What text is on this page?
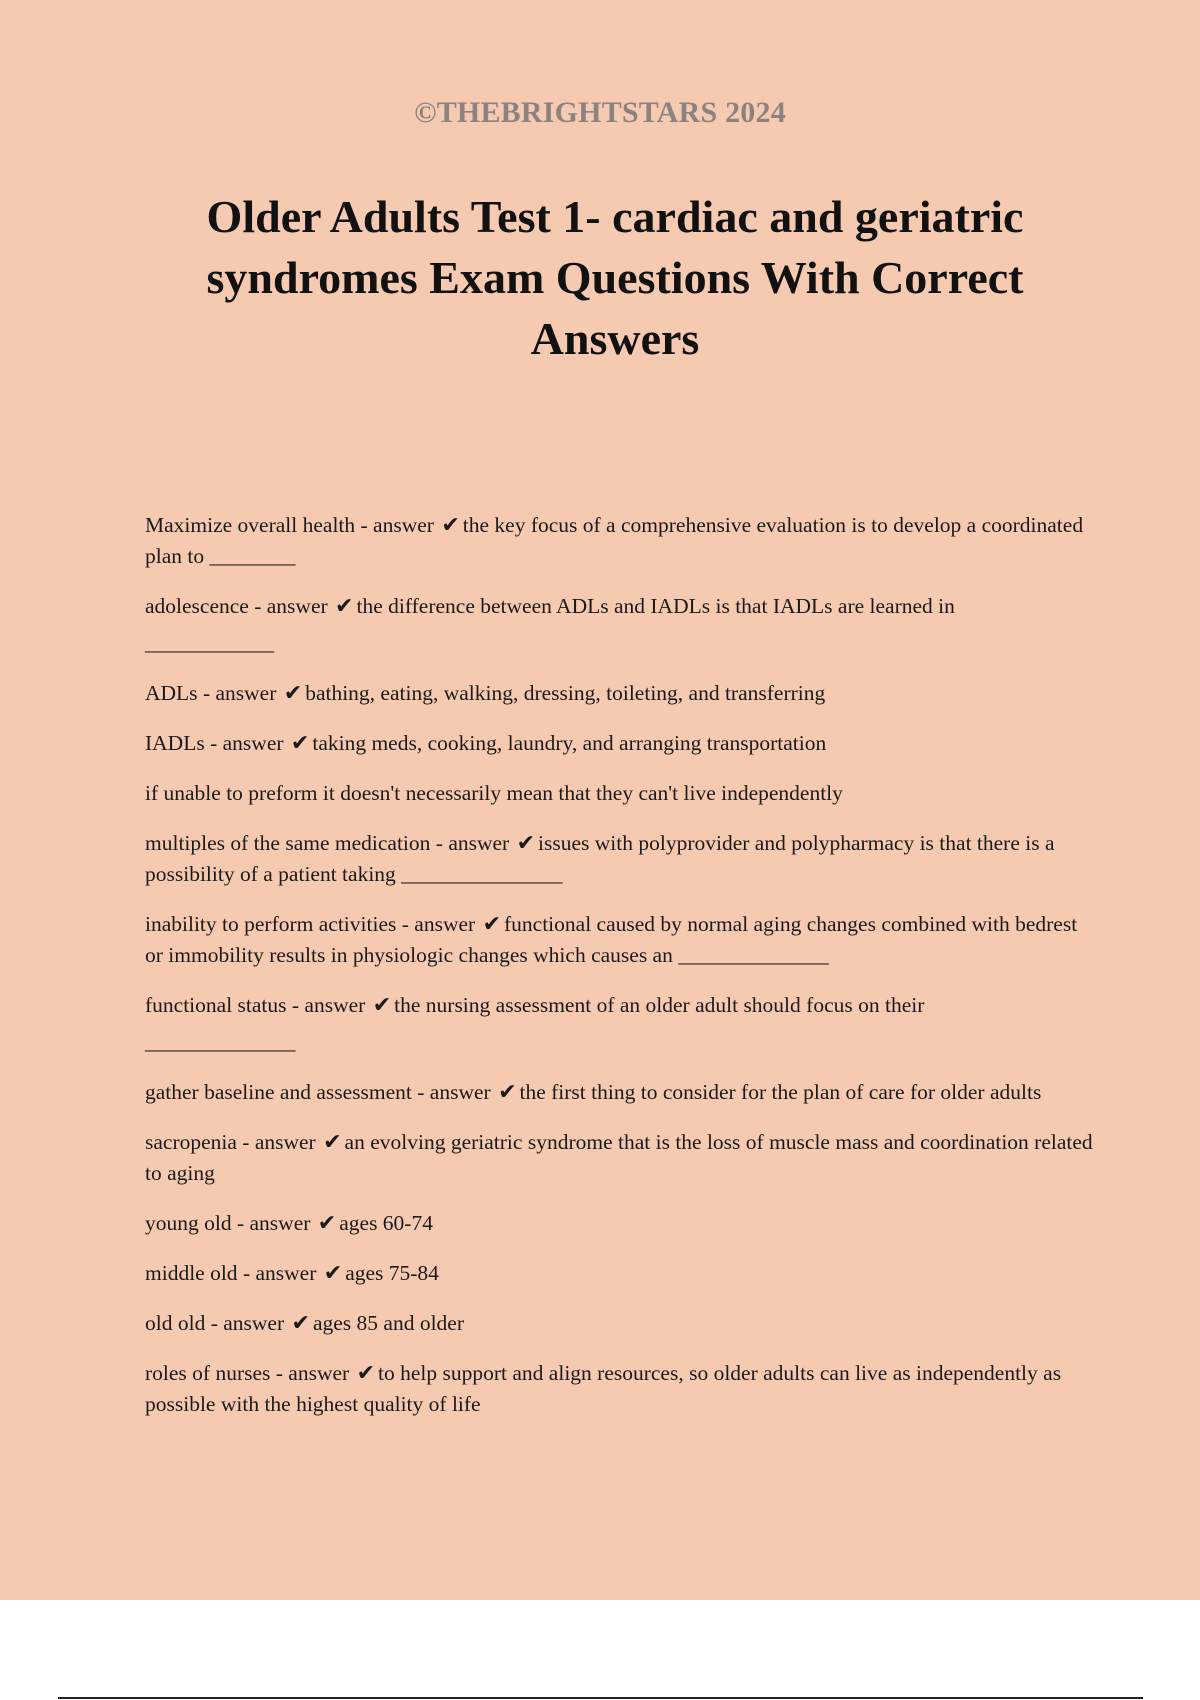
©THEBRIGHTSTARS 2024
Older Adults Test 1- cardiac and geriatric syndromes Exam Questions With Correct Answers
Maximize overall health - answer ✔ the key focus of a comprehensive evaluation is to develop a coordinated plan to ________
adolescence - answer ✔ the difference between ADLs and IADLs is that IADLs are learned in
____________
ADLs - answer ✔ bathing, eating, walking, dressing, toileting, and transferring
IADLs - answer ✔ taking meds, cooking, laundry, and arranging transportation
if unable to preform it doesn't necessarily mean that they can't live independently
multiples of the same medication - answer ✔ issues with polyprovider and polypharmacy is that there is a possibility of a patient taking _______________
inability to perform activities - answer ✔ functional caused by normal aging changes combined with bedrest or immobility results in physiologic changes which causes an ______________
functional status - answer ✔ the nursing assessment of an older adult should focus on their
______________
gather baseline and assessment - answer ✔ the first thing to consider for the plan of care for older adults
sacropenia - answer ✔ an evolving geriatric syndrome that is the loss of muscle mass and coordination related to aging
young old - answer ✔ ages 60-74
middle old - answer ✔ ages 75-84
old old - answer ✔ ages 85 and older
roles of nurses - answer ✔ to help support and align resources, so older adults can live as independently as possible with the highest quality of life
